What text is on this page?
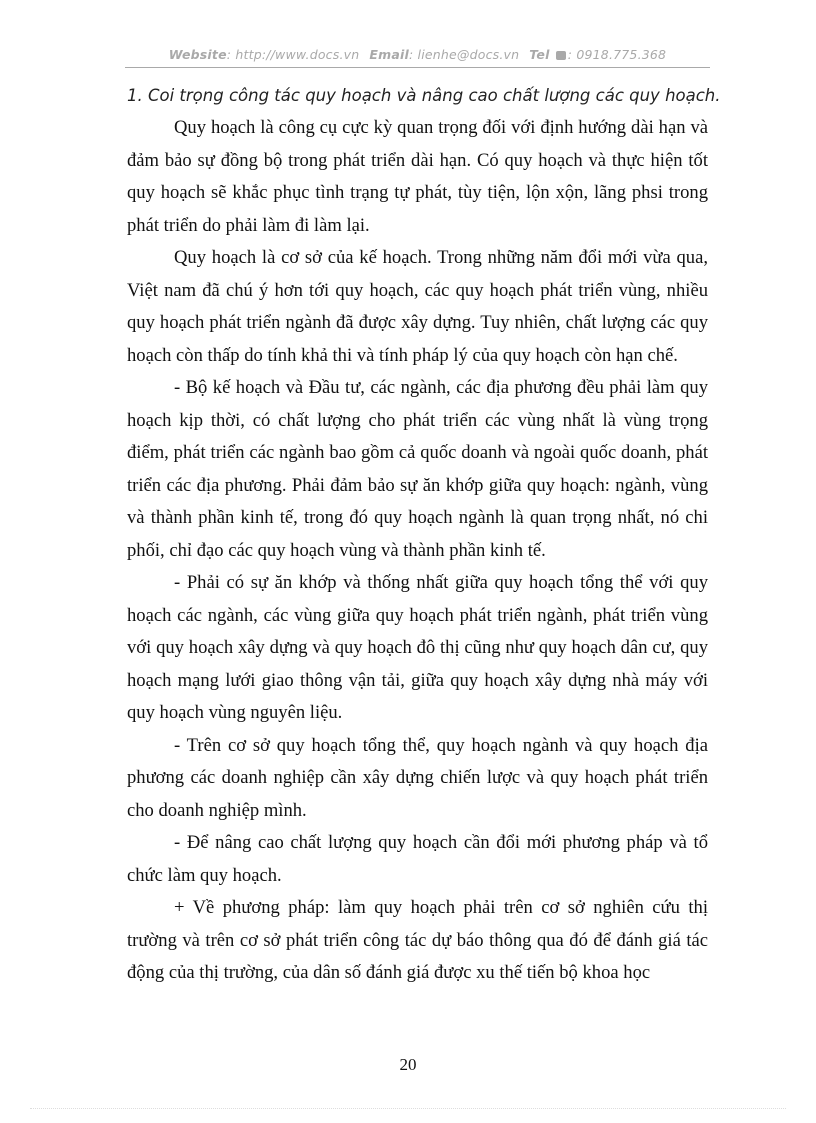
Website: http://www.docs.vn Email: lienhe@docs.vn Tel : 0918.775.368

1. Coi trọng công tác quy hoạch và nâng cao chất lượng các quy hoạch.

Quy hoạch là công cụ cực kỳ quan trọng đối với định hướng dài hạn và đảm bảo sự đồng bộ trong phát triển dài hạn. Có quy hoạch và thực hiện tốt quy hoạch sẽ khắc phục tình trạng tự phát, tùy tiện, lộn xộn, lãng phsi trong phát triển do phải làm đi làm lại.

Quy hoạch là cơ sở của kế hoạch. Trong những năm đổi mới vừa qua, Việt nam đã chú ý hơn tới quy hoạch, các quy hoạch phát triển vùng, nhiều quy hoạch phát triển ngành đã được xây dựng. Tuy nhiên, chất lượng các quy hoạch còn thấp do tính khả thi và tính pháp lý của quy hoạch còn hạn chế.

- Bộ kế hoạch và Đầu tư, các ngành, các địa phương đều phải làm quy hoạch kịp thời, có chất lượng cho phát triển các vùng nhất là vùng trọng điểm, phát triển các ngành bao gồm cả quốc doanh và ngoài quốc doanh, phát triển các địa phương. Phải đảm bảo sự ăn khớp giữa quy hoạch: ngành, vùng và thành phần kinh tế, trong đó quy hoạch ngành là quan trọng nhất, nó chi phối, chỉ đạo các quy hoạch vùng và thành phần kinh tế.

- Phải có sự ăn khớp và thống nhất giữa quy hoạch tổng thể với quy hoạch các ngành, các vùng giữa quy hoạch phát triển ngành, phát triển vùng với quy hoạch xây dựng và quy hoạch đô thị cũng như quy hoạch dân cư, quy hoạch mạng lưới giao thông vận tải, giữa quy hoạch xây dựng nhà máy với quy hoạch vùng nguyên liệu.

- Trên cơ sở quy hoạch tổng thể, quy hoạch ngành và quy hoạch địa phương các doanh nghiệp cần xây dựng chiến lược và quy hoạch phát triển cho doanh nghiệp mình.

- Để nâng cao chất lượng quy hoạch cần đổi mới phương pháp và tổ chức làm quy hoạch.

+ Về phương pháp: làm quy hoạch phải trên cơ sở nghiên cứu thị trường và trên cơ sở phát triển công tác dự báo thông qua đó để đánh giá tác động của thị trường, của dân số đánh giá được xu thế tiến bộ khoa học

20
